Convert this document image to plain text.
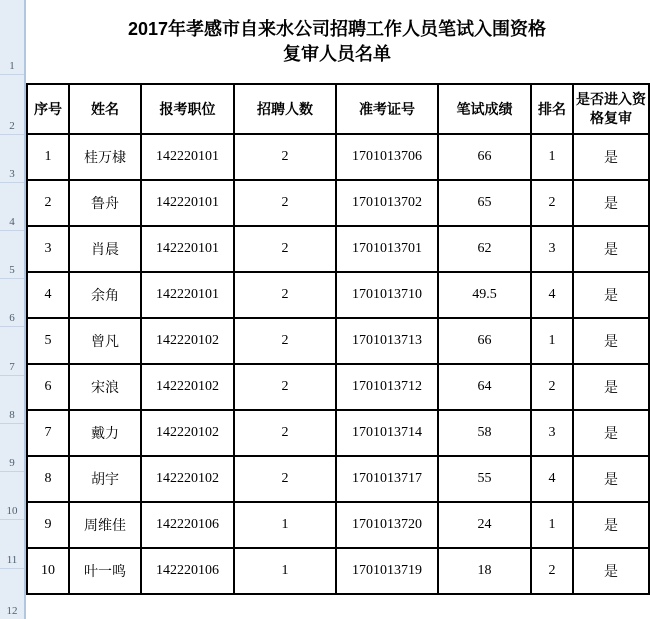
1
2
3
4
5
6
7
8
9
10
11
12
2017年孝感市自来水公司招聘工作人员笔试入围资格
复审人员名单
序号	姓名	报考职位	招聘人数	准考证号	笔试成绩	排名	是否进入资格复审
1	桂万棣	142220101	2	1701013706	66	1	是
2	鲁舟	142220101	2	1701013702	65	2	是
3	肖晨	142220101	2	1701013701	62	3	是
4	余角	142220101	2	1701013710	49.5	4	是
5	曾凡	142220102	2	1701013713	66	1	是
6	宋浪	142220102	2	1701013712	64	2	是
7	戴力	142220102	2	1701013714	58	3	是
8	胡宇	142220102	2	1701013717	55	4	是
9	周维佳	142220106	1	1701013720	24	1	是
10	叶一鸣	142220106	1	1701013719	18	2	是
